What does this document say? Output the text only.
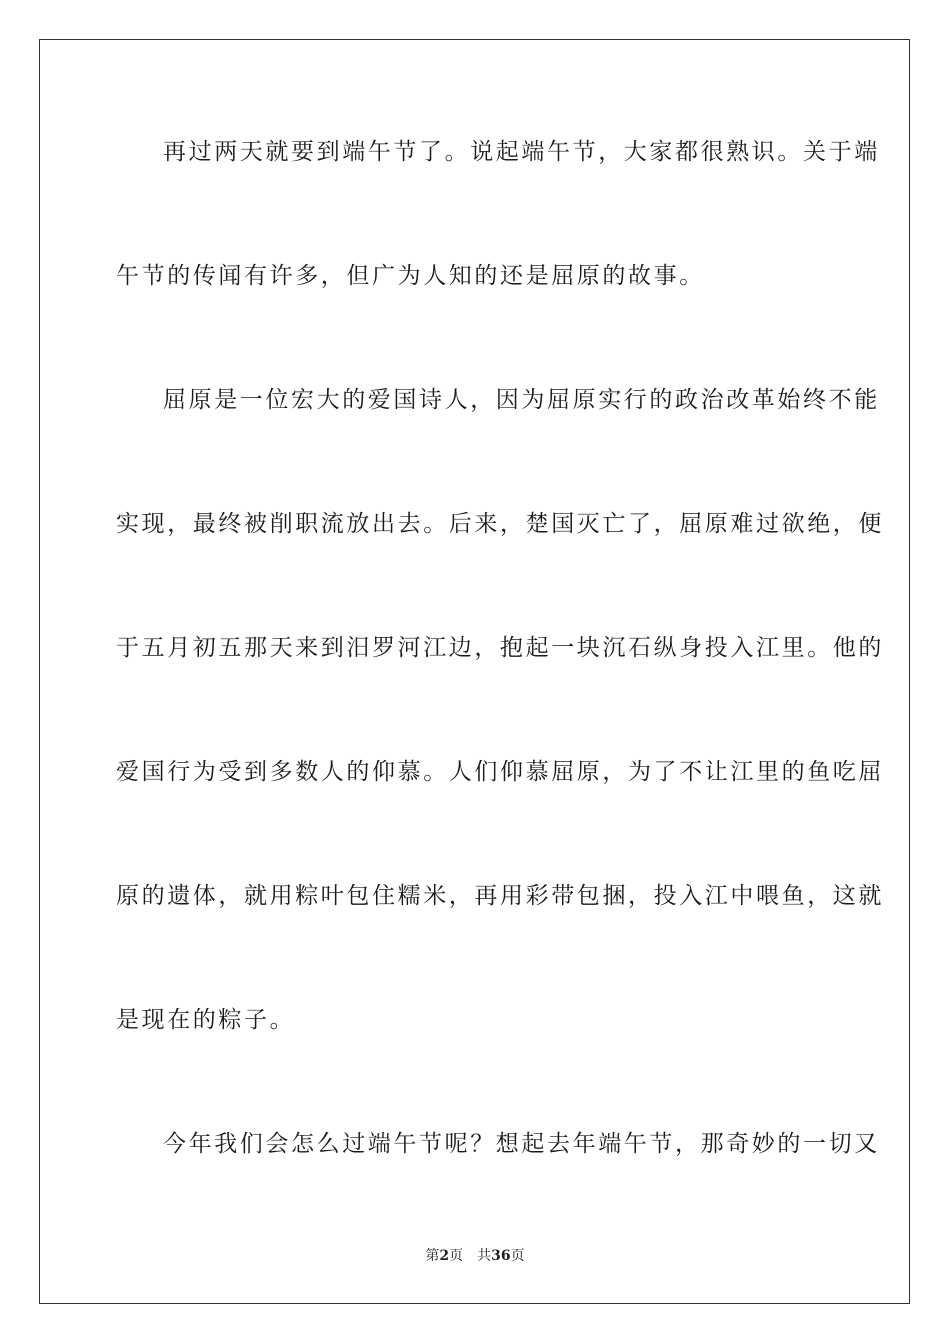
再过两天就要到端午节了。说起端午节，大家都很熟识。关于端

午节的传闻有许多，但广为人知的还是屈原的故事。

屈原是一位宏大的爱国诗人，因为屈原实行的政治改革始终不能

实现，最终被削职流放出去。后来，楚国灭亡了，屈原难过欲绝，便

于五月初五那天来到汨罗河江边，抱起一块沉石纵身投入江里。他的

爱国行为受到多数人的仰慕。人们仰慕屈原，为了不让江里的鱼吃屈

原的遗体，就用粽叶包住糯米，再用彩带包捆，投入江中喂鱼，这就

是现在的粽子。

今年我们会怎么过端午节呢？想起去年端午节，那奇妙的一切又

第2页 共36页
